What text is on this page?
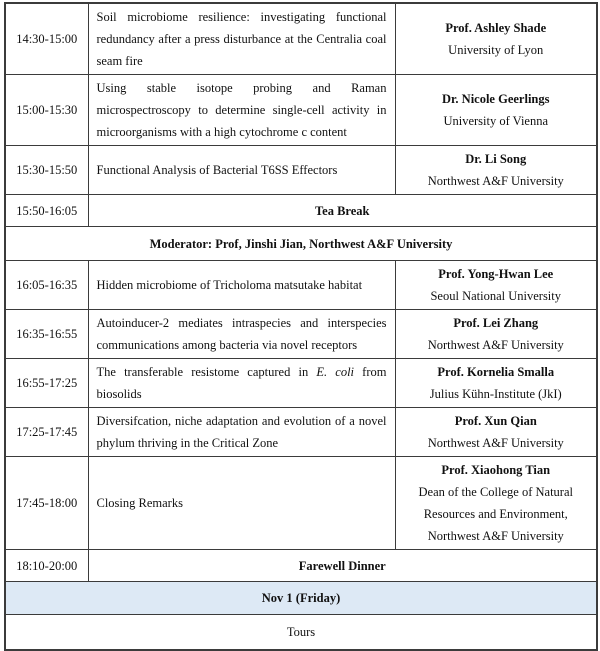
14:30-15:00	Soil microbiome resilience: investigating functional redundancy after a press disturbance at the Centralia coal seam fire	Prof. Ashley Shade
University of Lyon

15:00-15:30	Using stable isotope probing and Raman microspectroscopy to determine single-cell activity in microorganisms with a high cytochrome c content	Dr. Nicole Geerlings
University of Vienna

15:30-15:50	Functional Analysis of Bacterial T6SS Effectors	Dr. Li Song
Northwest A&F University

15:50-16:05	Tea Break	
Moderator: Prof, Jinshi Jian, Northwest A&F University		
16:05-16:35	Hidden microbiome of Tricholoma matsutake habitat	Prof. Yong-Hwan Lee
Seoul National University

16:35-16:55	Autoinducer-2 mediates intraspecies and interspecies communications among bacteria via novel receptors	Prof. Lei Zhang
Northwest A&F University

16:55-17:25	The transferable resistome captured in E. coli from biosolids	Prof. Kornelia Smalla
Julius Kühn-Institute (JkI)

17:25-17:45	Diversifcation, niche adaptation and evolution of a novel phylum thriving in the Critical Zone	Prof. Xun Qian
Northwest A&F University

17:45-18:00	Closing Remarks	Prof. Xiaohong Tian
Dean of the College of Natural
Resources and Environment,
Northwest A&F University

18:10-20:00	Farewell Dinner	
Nov 1 (Friday)		
Tours		
